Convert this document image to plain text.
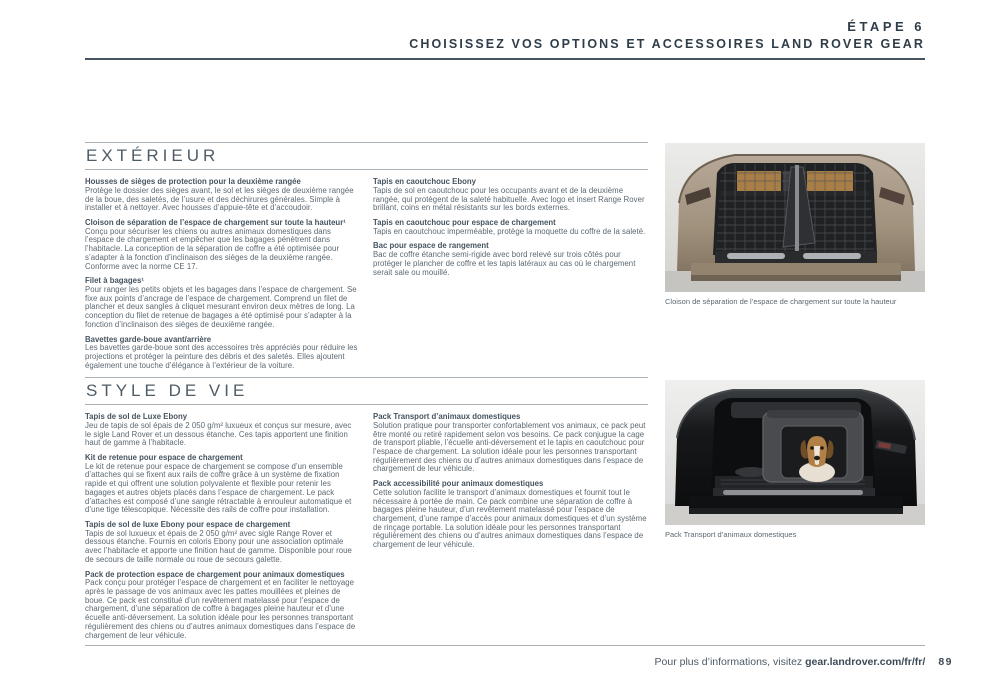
ÉTAPE 6
CHOISISSEZ VOS OPTIONS ET ACCESSOIRES LAND ROVER GEAR
EXTÉRIEUR
Housses de sièges de protection pour la deuxième rangée
Protège le dossier des sièges avant, le sol et les sièges de deuxième rangée de la boue, des saletés, de l’usure et des déchirures générales. Simple à installer et à nettoyer. Avec housses d’appuie-tête et d’accoudoir.
Cloison de séparation de l’espace de chargement sur toute la hauteur¹
Conçu pour sécuriser les chiens ou autres animaux domestiques dans l’espace de chargement et empêcher que les bagages pénètrent dans l’habitacle. La conception de la séparation de coffre a été optimisée pour s’adapter à la fonction d’inclinaison des sièges de la deuxième rangée. Conforme avec la norme CE 17.
Filet à bagages¹
Pour ranger les petits objets et les bagages dans l’espace de chargement. Se fixe aux points d’ancrage de l’espace de chargement. Comprend un filet de plancher et deux sangles à cliquet mesurant environ deux mètres de long. La conception du filet de retenue de bagages a été optimisé pour s’adapter à la fonction d’inclinaison des sièges de deuxième rangée.
Bavettes garde-boue avant/arrière
Les bavettes garde-boue sont des accessoires très appréciés pour réduire les projections et protéger la peinture des débris et des saletés. Elles ajoutent également une touche d’élégance à l’extérieur de la voiture.
Tapis en caoutchouc Ebony
Tapis de sol en caoutchouc pour les occupants avant et de la deuxième rangée, qui protègent de la saleté habituelle. Avec logo et insert Range Rover brillant, coins en métal résistants sur les bords externes.
Tapis en caoutchouc pour espace de chargement
Tapis en caoutchouc imperméable, protège la moquette du coffre de la saleté.
Bac pour espace de rangement
Bac de coffre étanche semi-rigide avec bord relevé sur trois côtés pour protéger le plancher de coffre et les tapis latéraux au cas où le chargement serait sale ou mouillé.
STYLE DE VIE
Tapis de sol de Luxe Ebony
Jeu de tapis de sol épais de 2 050 g/m² luxueux et conçus sur mesure, avec le sigle Land Rover et un dessous étanche. Ces tapis apportent une finition haut de gamme à l’habitacle.
Kit de retenue pour espace de chargement
Le kit de retenue pour espace de chargement se compose d’un ensemble d’attaches qui se fixent aux rails de coffre grâce à un système de fixation rapide et qui offrent une solution polyvalente et flexible pour retenir les bagages et autres objets placés dans l’espace de chargement. Le pack d’attaches est composé d’une sangle rétractable à enrouleur automatique et d’une tige télescopique. Nécessite des rails de coffre pour installation.
Tapis de sol de luxe Ebony pour espace de chargement
Tapis de sol luxueux et épais de 2 050 g/m² avec sigle Range Rover et dessous étanche. Fournis en coloris Ebony pour une association optimale avec l’habitacle et apporte une finition haut de gamme. Disponible pour roue de secours de taille normale ou roue de secours galette.
Pack de protection espace de chargement pour animaux domestiques
Pack conçu pour protéger l’espace de chargement et en faciliter le nettoyage après le passage de vos animaux avec les pattes mouillées et pleines de boue. Ce pack est constitué d’un revêtement matelassé pour l’espace de chargement, d’une séparation de coffre à bagages pleine hauteur et d’une écuelle anti-déversement. La solution idéale pour les personnes transportant régulièrement des chiens ou d’autres animaux domestiques dans l’espace de chargement de leur véhicule.
Pack Transport d’animaux domestiques
Solution pratique pour transporter confortablement vos animaux, ce pack peut être monté ou retiré rapidement selon vos besoins. Ce pack conjugue la cage de transport pliable, l’écuelle anti-déversement et le tapis en caoutchouc pour l’espace de chargement. La solution idéale pour les personnes transportant régulièrement des chiens ou d’autres animaux domestiques dans l’espace de chargement de leur véhicule.
Pack accessibilité pour animaux domestiques
Cette solution facilite le transport d’animaux domestiques et fournit tout le nécessaire à portée de main. Ce pack combine une séparation de coffre à bagages pleine hauteur, d’un revêtement matelassé pour l’espace de chargement, d’une rampe d’accès pour animaux domestiques et d’un système de rinçage portable. La solution idéale pour les personnes transportant régulièrement des chiens ou d’autres animaux domestiques dans l’espace de chargement de leur véhicule.
Cloison de séparation de l’espace de chargement sur toute la hauteur
Pack Transport d’animaux domestiques
Pour plus d’informations, visitez gear.landrover.com/fr/fr/ 89
